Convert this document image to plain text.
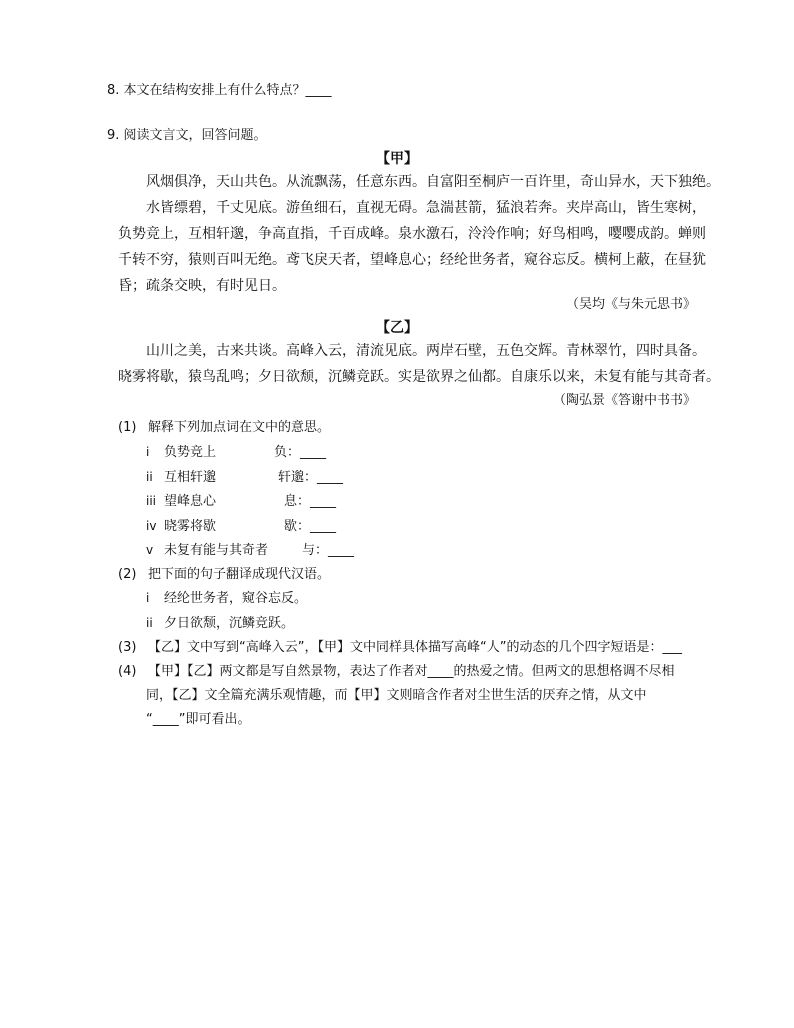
8. 本文在结构安排上有什么特点？____
9. 阅读文言文，回答问题。
【甲】
风烟俱净，天山共色。从流飘荡，任意东西。自富阳至桐庐一百许里，奇山异水，天下独绝。
水皆缥碧，千丈见底。游鱼细石，直视无碍。急湍甚箭，猛浪若奔。夹岸高山，皆生寒树，
负势竞上，互相轩邈，争高直指，千百成峰。泉水激石，泠泠作响；好鸟相鸣，嘤嘤成韵。蝉则
千转不穷，猿则百叫无绝。鸢飞戾天者，望峰息心；经纶世务者，窥谷忘反。横柯上蔽，在昼犹
昏；疏条交映，有时见日。
（吴均《与朱元思书》
【乙】
山川之美，古来共谈。高峰入云，清流见底。两岸石壁，五色交辉。青林翠竹，四时具备。
晓雾将歇，猿鸟乱鸣；夕日欲颓，沉鳞竞跃。实是欲界之仙都。自康乐以来，未复有能与其奇者。
（陶弘景《答谢中书书》
(1) 解释下列加点词在文中的意思。
i 负势竞上	负：____
ii 互相轩邈	轩邈：____
iii 望峰息心	息：____
iv 晓雾将歇	歇：____
v 未复有能与其奇者	与：____
(2) 把下面的句子翻译成现代汉语。
i 经纶世务者，窥谷忘反。
ii 夕日欲颓，沉鳞竞跃。
(3) 【乙】文中写到“高峰入云”，【甲】文中同样具体描写高峰“人”的动态的几个四字短语是：___
(4) 【甲】【乙】两文都是写自然景物，表达了作者对____的热爱之情。但两文的思想格调不尽相
同，【乙】文全篇充满乐观情趣，而【甲】文则暗含作者对尘世生活的厌弃之情，从文中
“____”即可看出。
